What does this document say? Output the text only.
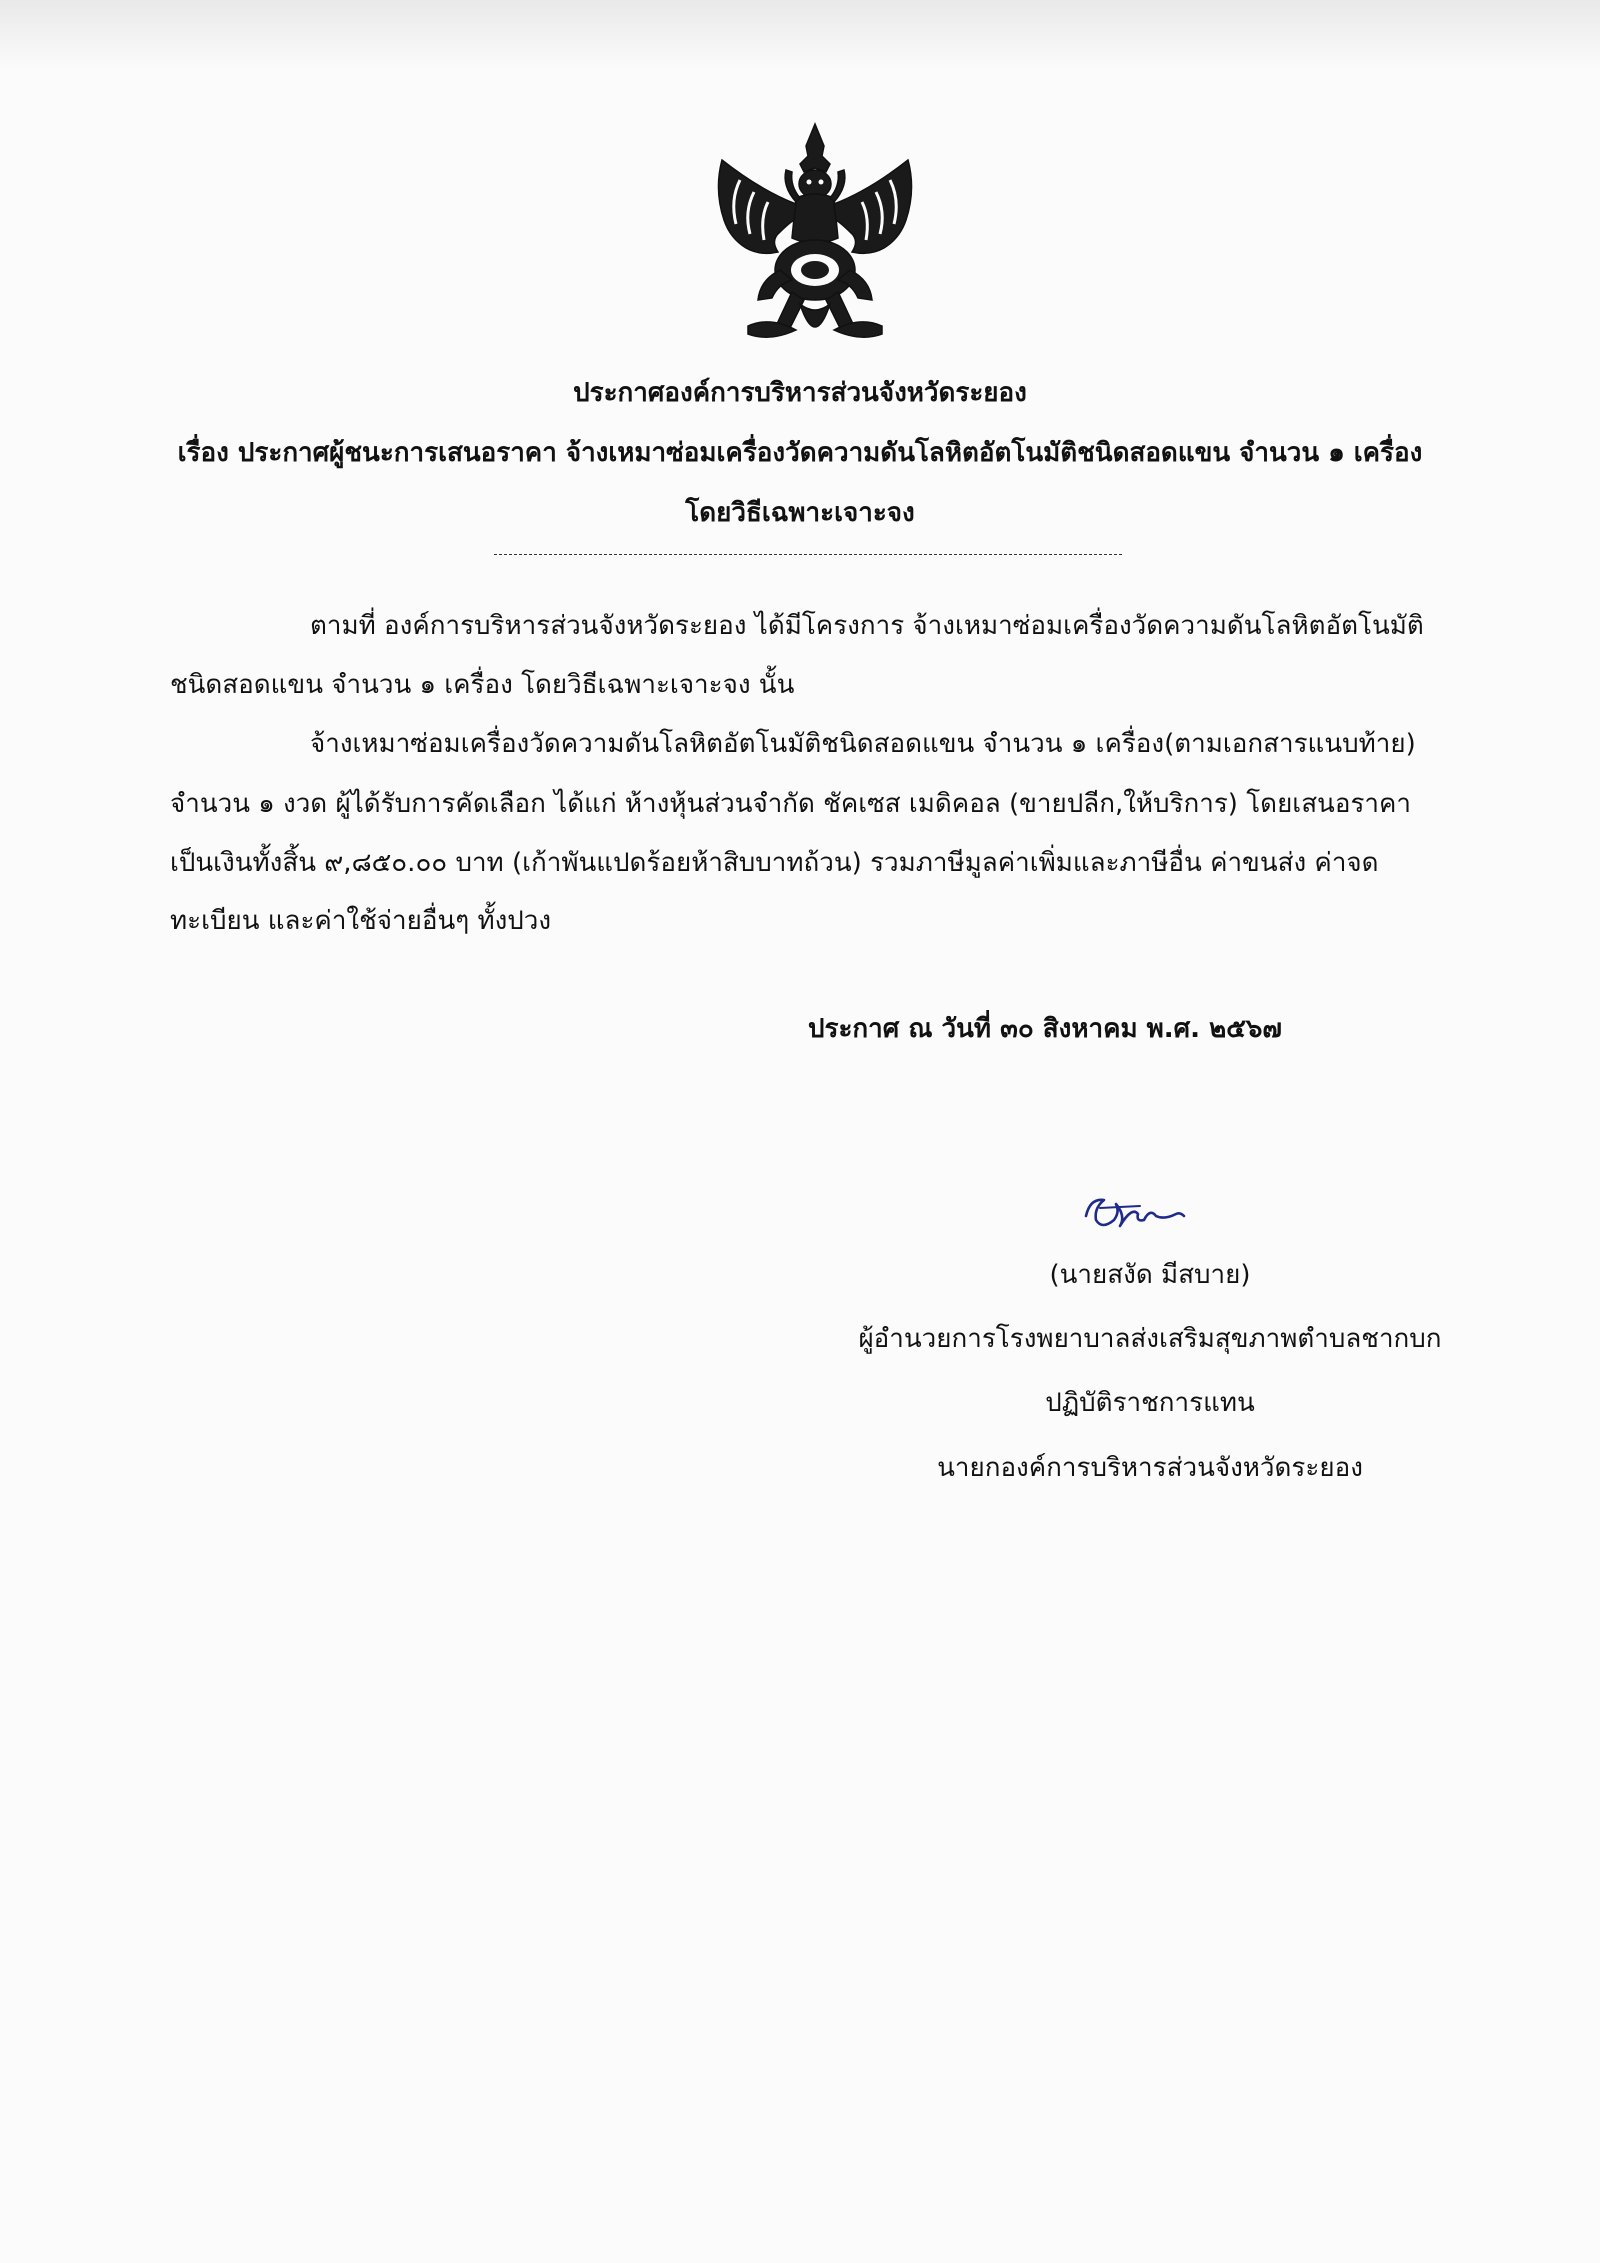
ประกาศองค์การบริหารส่วนจังหวัดระยอง
เรื่อง ประกาศผู้ชนะการเสนอราคา จ้างเหมาซ่อมเครื่องวัดความดันโลหิตอัตโนมัติชนิดสอดแขน จำนวน ๑ เครื่อง
โดยวิธีเฉพาะเจาะจง
ตามที่ องค์การบริหารส่วนจังหวัดระยอง ได้มีโครงการ จ้างเหมาซ่อมเครื่องวัดความดันโลหิตอัตโนมัติ
ชนิดสอดแขน จำนวน ๑ เครื่อง โดยวิธีเฉพาะเจาะจง นั้น
จ้างเหมาซ่อมเครื่องวัดความดันโลหิตอัตโนมัติชนิดสอดแขน จำนวน ๑ เครื่อง(ตามเอกสารแนบท้าย)
จำนวน ๑ งวด ผู้ได้รับการคัดเลือก ได้แก่ ห้างหุ้นส่วนจำกัด ชัคเซส เมดิคอล (ขายปลีก,ให้บริการ) โดยเสนอราคา
เป็นเงินทั้งสิ้น ๙,๘๕๐.๐๐ บาท (เก้าพันแปดร้อยห้าสิบบาทถ้วน) รวมภาษีมูลค่าเพิ่มและภาษีอื่น ค่าขนส่ง ค่าจด
ทะเบียน และค่าใช้จ่ายอื่นๆ ทั้งปวง
ประกาศ ณ วันที่ ๓๐ สิงหาคม พ.ศ. ๒๕๖๗
(นายสงัด มีสบาย)
ผู้อำนวยการโรงพยาบาลส่งเสริมสุขภาพตำบลชากบก
ปฏิบัติราชการแทน
นายกองค์การบริหารส่วนจังหวัดระยอง
